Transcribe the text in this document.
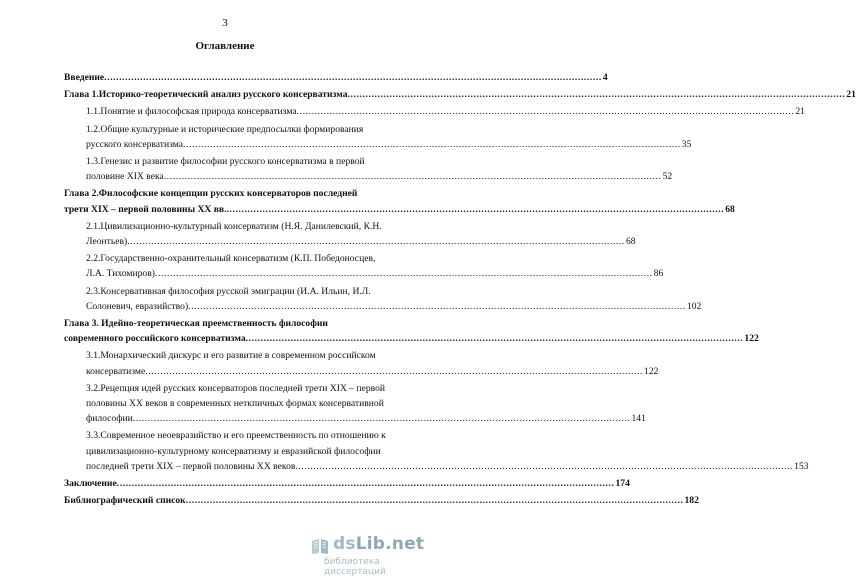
3
Оглавление
Введение .....	4
Глава 1.Историко-теоретический анализ русского консерватизма .....	21
1.1.Понятие и философская природа консерватизма .....	21
1.2.Общие культурные и исторические предпосылки формирования
русского консерватизма .....	35
1.3.Генезис и развитие философии русского консерватизма в первой
половине XIX века .....	52
Глава 2.Философские концепции русских консерваторов последней
трети XIX – первой половины XX вв. .....	68
2.1.Цивилизационно-культурный консерватизм (Н.Я. Данилевский, К.Н.
Леонтьев) .....	68
2.2.Государственно-охранительный консерватизм (К.П. Победоносцев,
Л.А. Тихомиров) .....	86
2.3.Консервативная философия русской эмиграции (И.А. Ильин, И.Л.
Солоневич, евразийство) .....	102
Глава 3. Идейно-теоретическая преемственность философии
современного российского консерватизма .....	122
3.1.Монархический дискурс и его развитие в современном российском
консерватизме .....	122
3.2.Рецепция идей русских консерваторов последней трети XIX – первой
половины XX веков в современных неткпичных формах консервативной
философии .....	141
3.3.Современное неоевразийство и его преемственность по отношению к
цивилизационно-культурному консерватизму и евразийской философии
последней трети XIX – первой половины XX веков .....	153
Заключение .....	174
Библиографический список .....	182
dsLib.net
библиотека диссертаций
